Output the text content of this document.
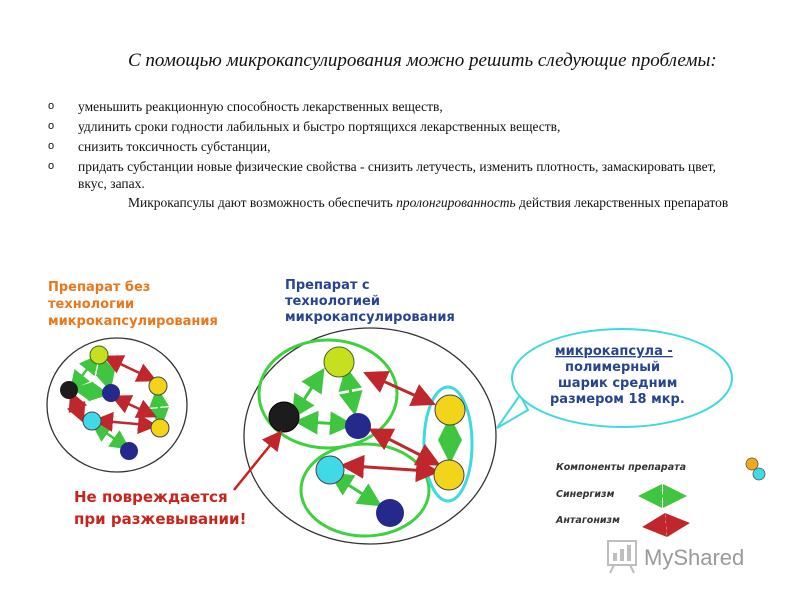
С помощью микрокапсулирования можно решить следующие проблемы:
o уменьшить реакционную способность лекарственных веществ,
o удлинить сроки годности лабильных и быстро портящихся лекарственных веществ,
o снизить токсичность субстанции,
o придать субстанции новые физические свойства - снизить летучесть, изменить плотность, замаскировать цвет, вкус, запах.
Микрокапсулы дают возможность обеспечить пролонгированность действия лекарственных препаратов
Препарат без
технологии
микрокапсулирования
Препарат с
технологией
микрокапсулирования
микрокапсула -
полимерный
шарик средним
размером 18 мкр.
Не повреждается
при разжевывании!
Компоненты препарата
Синергизм
Антагонизм
MyShared
